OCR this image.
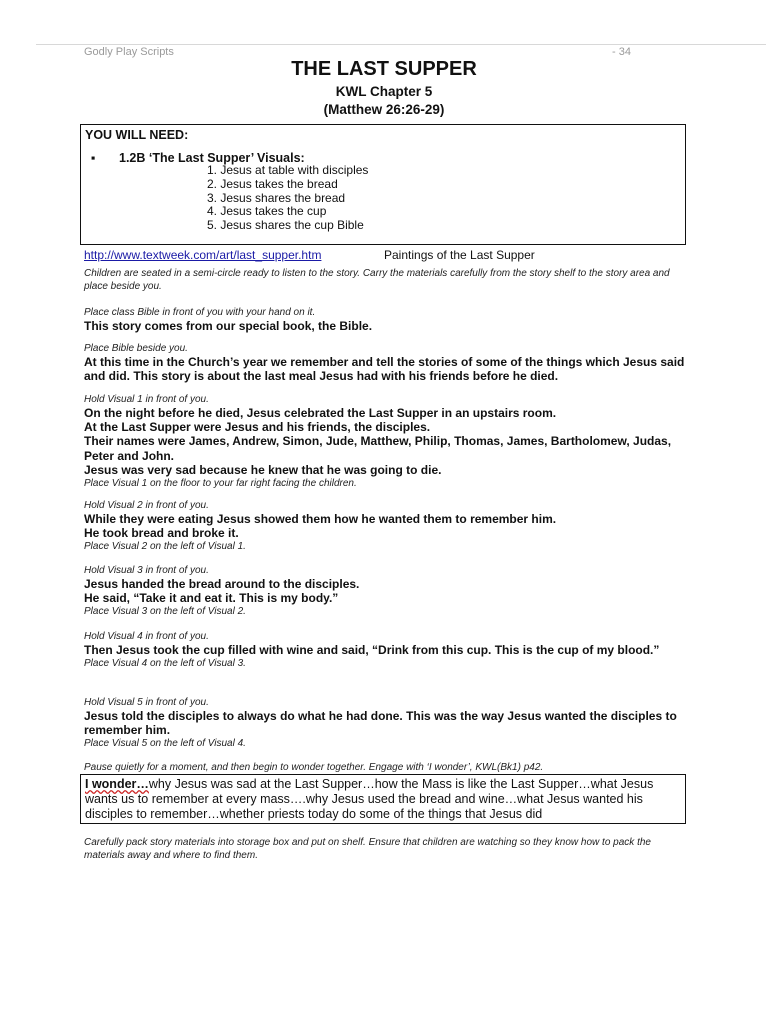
Godly Play Scripts	- 34
THE LAST SUPPER
KWL Chapter 5
(Matthew 26:26-29)
YOU WILL NEED:
▪	1.2B ‘The Last Supper’ Visuals:
1. Jesus at table with disciples
2. Jesus takes the bread
3. Jesus shares the bread
4. Jesus takes the cup
5. Jesus shares the cup Bible
http://www.textweek.com/art/last_supper.htm	Paintings of the Last Supper
Children are seated in a semi-circle ready to listen to the story. Carry the materials carefully from the story shelf to the story area and place beside you.
Place class Bible in front of you with your hand on it.
This story comes from our special book, the Bible.
Place Bible beside you.
At this time in the Church’s year we remember and tell the stories of some of the things which Jesus said and did. This story is about the last meal Jesus had with his friends before he died.
Hold Visual 1 in front of you.
On the night before he died, Jesus celebrated the Last Supper in an upstairs room.
At the Last Supper were Jesus and his friends, the disciples.
Their names were James, Andrew, Simon, Jude, Matthew, Philip, Thomas, James, Bartholomew, Judas, Peter and John.
Jesus was very sad because he knew that he was going to die.
Place Visual 1 on the floor to your far right facing the children.
Hold Visual 2 in front of you.
While they were eating Jesus showed them how he wanted them to remember him.
He took bread and broke it.
Place Visual 2 on the left of Visual 1.
Hold Visual 3 in front of you.
Jesus handed the bread around to the disciples.
He said, “Take it and eat it. This is my body.”
Place Visual 3 on the left of Visual 2.
Hold Visual 4 in front of you.
Then Jesus took the cup filled with wine and said, “Drink from this cup. This is the cup of my blood.”
Place Visual 4 on the left of Visual 3.
Hold Visual 5 in front of you.
Jesus told the disciples to always do what he had done. This was the way Jesus wanted the disciples to remember him.
Place Visual 5 on the left of Visual 4.
Pause quietly for a moment, and then begin to wonder together. Engage with ‘I wonder’, KWL(Bk1) p42.
I wonder…why Jesus was sad at the Last Supper…how the Mass is like the Last Supper…what Jesus wants us to remember at every mass….why Jesus used the bread and wine…what Jesus wanted his disciples to remember…whether priests today do some of the things that Jesus did
Carefully pack story materials into storage box and put on shelf. Ensure that children are watching so they know how to pack the materials away and where to find them.
